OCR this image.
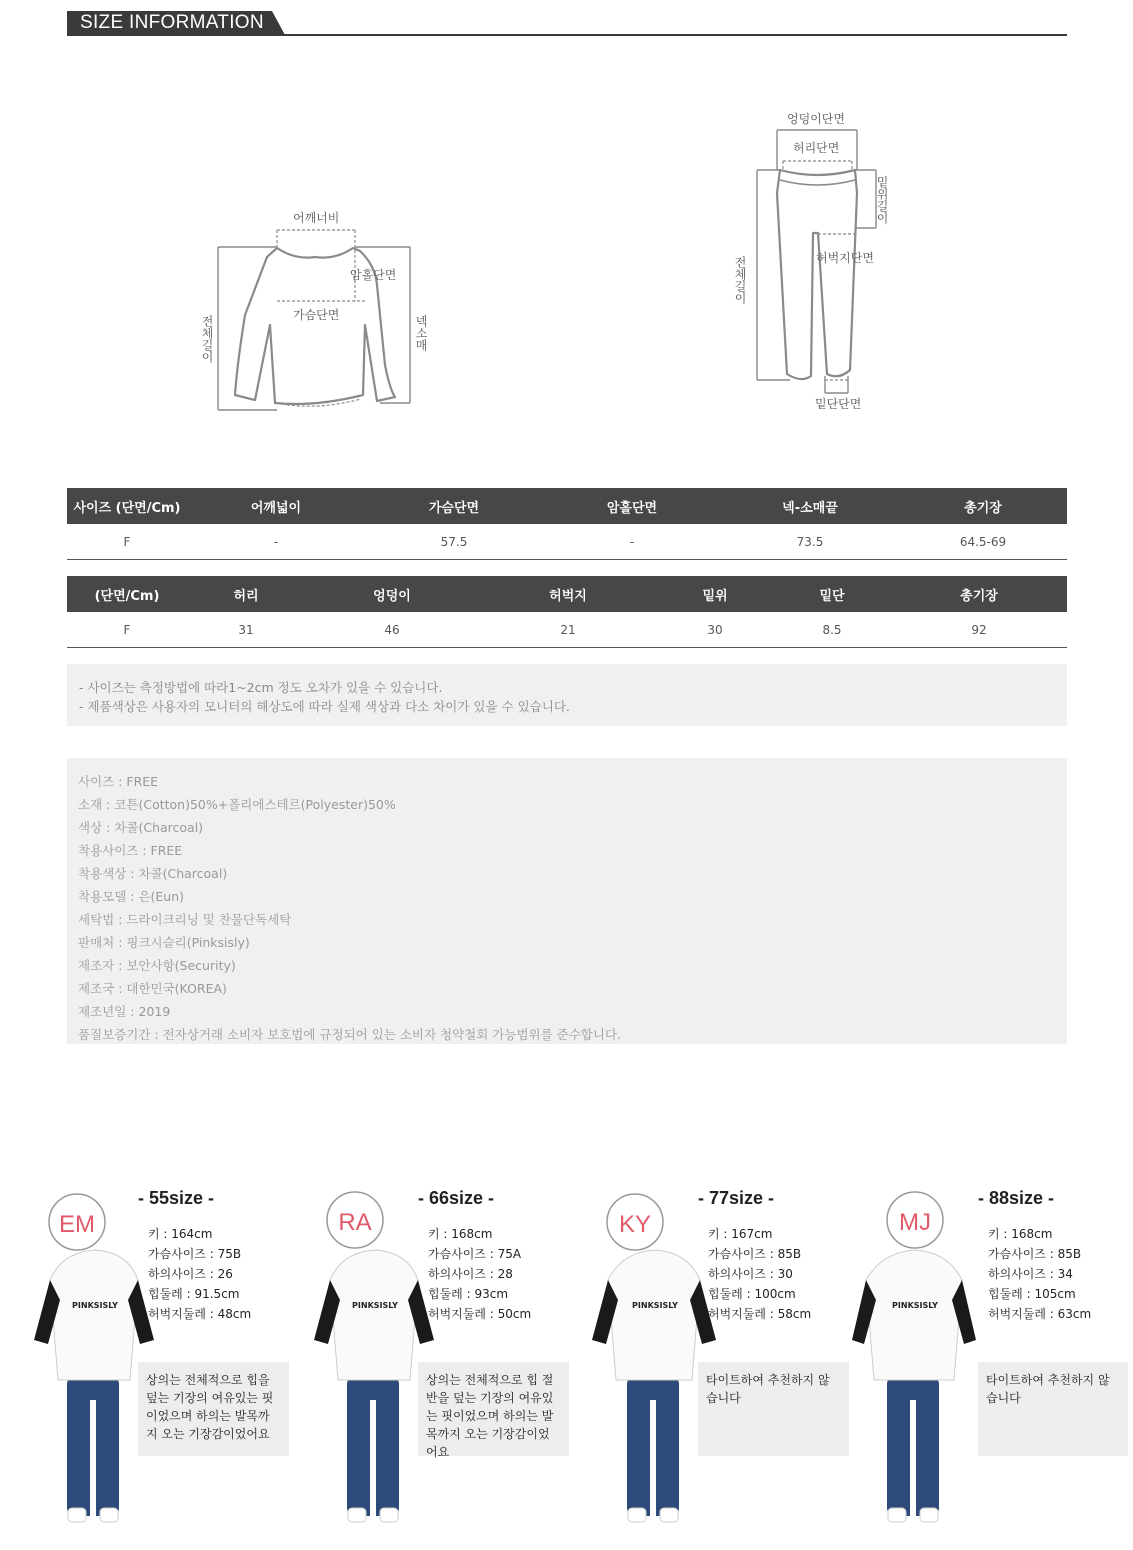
SIZE INFORMATION
어깨너비
암홀단면
가슴단면
전체길이	넥소매
엉덩이단면
허리단면
밑위길이
허벅지단면
전체길이
밑단단면
사이즈 (단면/Cm)	어깨넓이	가슴단면	암홀단면	넥-소매끝	총기장
F	-	57.5	-	73.5	64.5-69
(단면/Cm)	허리	엉덩이	허벅지	밑위	밑단	총기장
F	31	46	21	30	8.5	92

- 사이즈는 측정방법에 따라1~2cm 정도 오차가 있을 수 있습니다.

- 제품색상은 사용자의 모니터의 해상도에 따라 실제 색상과 다소 차이가 있을 수 있습니다.

사이즈 : FREE

소재 : 코튼(Cotton)50%+폴리에스테르(Polyester)50%

색상 : 차콜(Charcoal)

착용사이즈 : FREE

착용색상 : 차콜(Charcoal)

착용모델 : 은(Eun)

세탁법 : 드라이크리닝 및 찬물단독세탁

판매처 : 핑크시슬리(Pinksisly)

제조자 : 보안사항(Security)

제조국 : 대한민국(KOREA)

제조년일 : 2019

품질보증기간 : 전자상거래 소비자 보호법에 규정되어 있는 소비자 청약철회 가능범위를 준수합니다.

PINKSISLY
EM
- 55size -
키 : 164cm
가슴사이즈 : 75B
하의사이즈 : 26
힙둘레 : 91.5cm
허벅지둘레 : 48cm
상의는 전체적으로 힙을 덮는 기장의 여유있는 핏이었으며 하의는 발목까지 오는 기장감이었어요
PINKSISLY
RA
- 66size -
키 : 168cm
가슴사이즈 : 75A
하의사이즈 : 28
힙둘레 : 93cm
허벅지둘레 : 50cm
상의는 전체적으로 힙 절반을 덮는 기장의 여유있는 핏이었으며 하의는 발목까지 오는 기장감이었어요
PINKSISLY
KY
- 77size -
키 : 167cm
가슴사이즈 : 85B
하의사이즈 : 30
힙둘레 : 100cm
허벅지둘레 : 58cm
타이트하여 추천하지 않습니다
PINKSISLY
MJ
- 88size -
키 : 168cm
가슴사이즈 : 85B
하의사이즈 : 34
힙둘레 : 105cm
허벅지둘레 : 63cm
타이트하여 추천하지 않습니다
